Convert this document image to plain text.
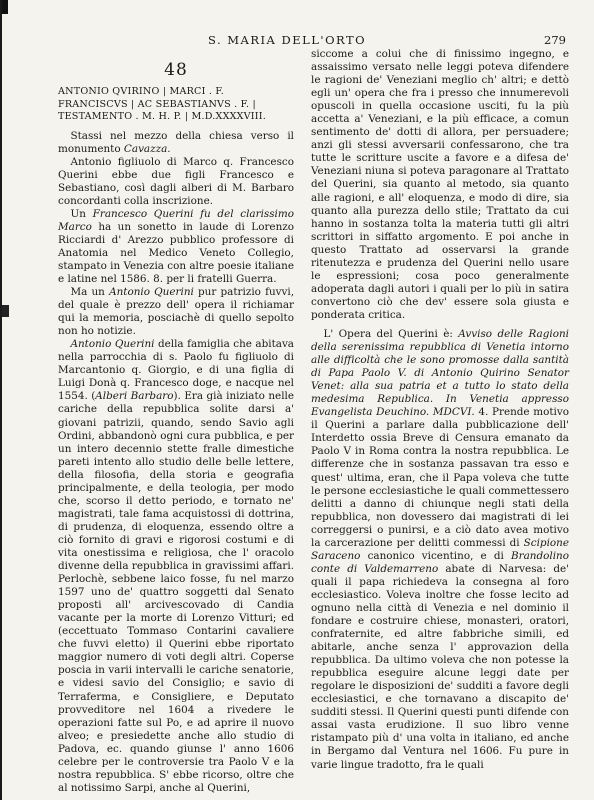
S. MARIA DELL'ORTO	279
48
ANTONIO QVIRINO | MARCI . F. FRANCISCVS | AC SEBASTIANVS . F. | TESTAMENTO . M. H. P. | M.D.XXXXVIII.

Stassi nel mezzo della chiesa verso il monumento Cavazza.

Antonio figliuolo di Marco q. Francesco Querini ebbe due figli Francesco e Sebastiano, così dagli alberi di M. Barbaro concordanti colla inscrizione.

Un Francesco Querini fu del clarissimo Marco ha un sonetto in laude di Lorenzo Ricciardi d' Arezzo pubblico professore di Anatomia nel Medico Veneto Collegio, stampato in Venezia con altre poesie italiane e latine nel 1586. 8. per li fratelli Guerra.

Ma un Antonio Querini pur patrizio fuvvi, del quale è prezzo dell' opera il richiamar qui la memoria, posciachè di quello sepolto non ho notizie.

Antonio Querini della famiglia che abitava nella parrocchia di s. Paolo fu figliuolo di Marcantonio q. Giorgio, e di una figlia di Luigi Donà q. Francesco doge, e nacque nel 1554. (Alberi Barbaro). Era già iniziato nelle cariche della repubblica solite darsi a' giovani patrizii, quando, sendo Savio agli Ordini, abbandonò ogni cura pubblica, e per un intero decennio stette fralle dimestiche pareti intento allo studio delle belle lettere, della filosofia, della storia e geografia principalmente, e della teologia, per modo che, scorso il detto periodo, e tornato ne' magistrati, tale fama acquistossi di dottrina, di prudenza, di eloquenza, essendo oltre a ciò fornito di gravi e rigorosi costumi e di vita onestissima e religiosa, che l' oracolo divenne della repubblica in gravissimi affari. Perlochè, sebbene laico fosse, fu nel marzo 1597 uno de' quattro soggetti dal Senato proposti all' arcivescovado di Candia vacante per la morte di Lorenzo Vitturi; ed (eccettuato Tommaso Contarini cavaliere che fuvvi eletto) il Querini ebbe riportato maggior numero di voti degli altri. Coperse poscia in varii intervalli le cariche senatorie, e videsi savio del Consiglio; e savio di Terraferma, e Consigliere, e Deputato provveditore nel 1604 a rivedere le operazioni fatte sul Po, e ad aprire il nuovo alveo; e presiedette anche allo studio di Padova, ec. quando giunse l' anno 1606 celebre per le controversie tra Paolo V e la nostra repubblica. S' ebbe ricorso, oltre che al notissimo Sarpi, anche al Querini,

siccome a colui che di finissimo ingegno, e assaissimo versato nelle leggi poteva difendere le ragioni de' Veneziani meglio ch' altri; e dettò egli un' opera che fra i presso che innumerevoli opuscoli in quella occasione usciti, fu la più accetta a' Veneziani, e la più efficace, a comun sentimento de' dotti di allora, per persuadere; anzi gli stessi avversarii confessarono, che tra tutte le scritture uscite a favore e a difesa de' Veneziani niuna si poteva paragonare al Trattato del Querini, sia quanto al metodo, sia quanto alle ragioni, e all' eloquenza, e modo di dire, sia quanto alla purezza dello stile; Trattato da cui hanno in sostanza tolta la materia tutti gli altri scrittori in siffatto argomento. E poi anche in questo Trattato ad osservarsi la grande ritenutezza e prudenza del Querini nello usare le espressioni; cosa poco generalmente adoperata dagli autori i quali per lo più in satira convertono ciò che dev' essere sola giusta e ponderata critica.

L' Opera del Querini è: Avviso delle Ragioni della serenissima repubblica di Venetia intorno alle difficoltà che le sono promosse dalla santità di Papa Paolo V. di Antonio Quirino Senator Venet: alla sua patria et a tutto lo stato della medesima Republica. In Venetia appresso Evangelista Deuchino. MDCVI. 4. Prende motivo il Querini a parlare dalla pubblicazione dell' Interdetto ossia Breve di Censura emanato da Paolo V in Roma contra la nostra repubblica. Le differenze che in sostanza passavan tra esso e quest' ultima, eran, che il Papa voleva che tutte le persone ecclesiastiche le quali commettessero delitti a danno di chiunque negli stati della repubblica, non dovessero dai magistrati di lei correggersi o punirsi, e a ciò dato avea motivo la carcerazione per delitti commessi di Scipione Saraceno canonico vicentino, e di Brandolino conte di Valdemarreno abate di Narvesa: de' quali il papa richiedeva la consegna al foro ecclesiastico. Voleva inoltre che fosse lecito ad ognuno nella città di Venezia e nel dominio il fondare e costruire chiese, monasteri, oratori, confraternite, ed altre fabbriche simili, ed abitarle, anche senza l' approvazion della repubblica. Da ultimo voleva che non potesse la repubblica eseguire alcune leggi date per regolare le disposizioni de' sudditi a favore degli ecclesiastici, e che tornavano a discapito de' sudditi stessi. Il Querini questi punti difende con assai vasta erudizione. Il suo libro venne ristampato più d' una volta in italiano, ed anche in Bergamo dal Ventura nel 1606. Fu pure in varie lingue tradotto, fra le quali
